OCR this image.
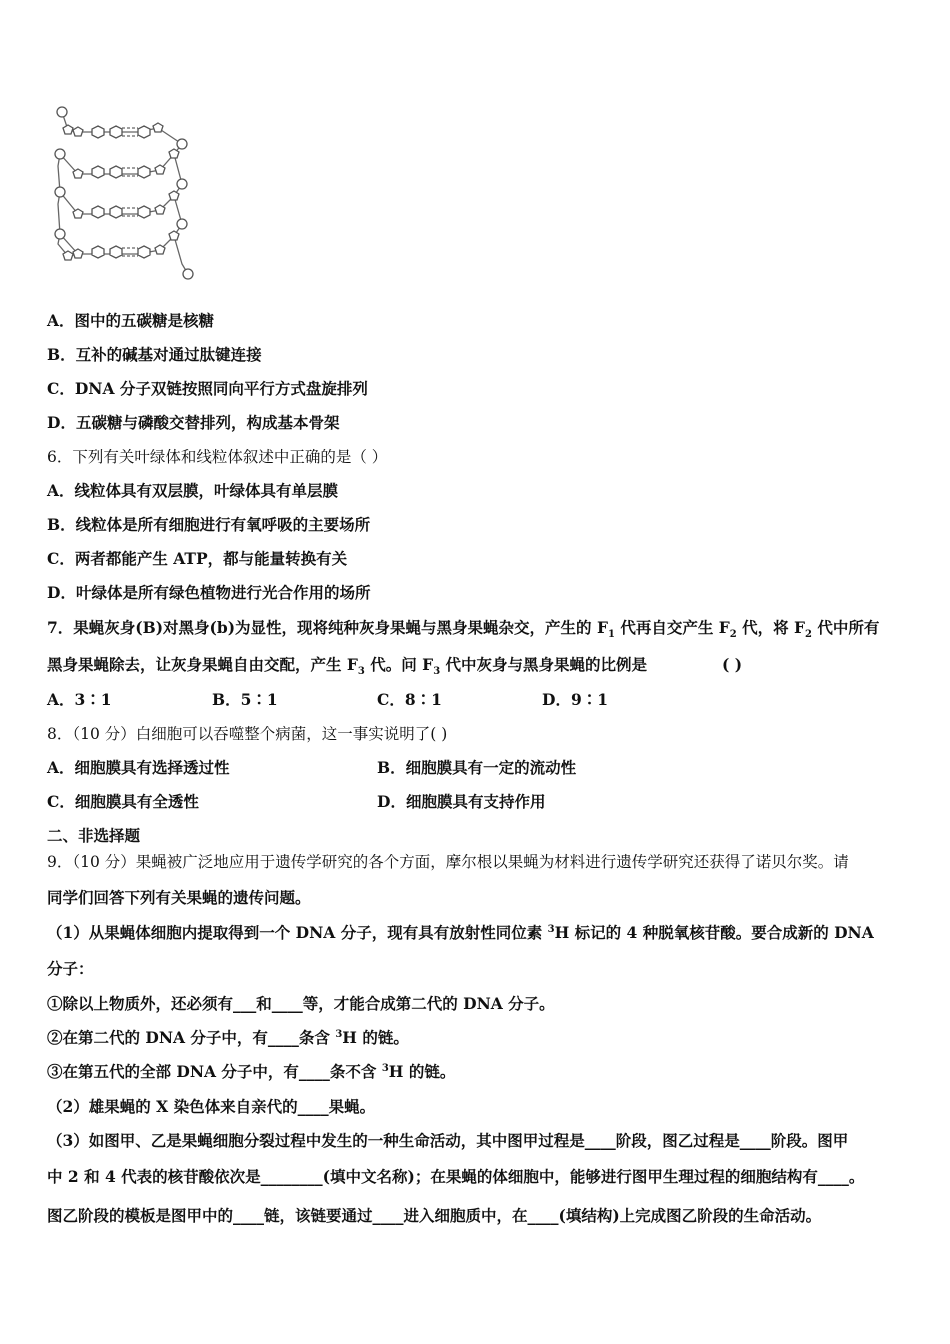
A．图中的五碳糖是核糖
B．互补的碱基对通过肽键连接
C．DNA 分子双链按照同向平行方式盘旋排列
D．五碳糖与磷酸交替排列，构成基本骨架
6．下列有关叶绿体和线粒体叙述中正确的是（ ）
A．线粒体具有双层膜，叶绿体具有单层膜
B．线粒体是所有细胞进行有氧呼吸的主要场所
C．两者都能产生 ATP，都与能量转换有关
D．叶绿体是所有绿色植物进行光合作用的场所
7．果蝇灰身(B)对黑身(b)为显性，现将纯种灰身果蝇与黑身果蝇杂交，产生的 $F_1$ 代再自交产生 $F_2$ 代，将 $F_2$ 代中所有
黑身果蝇除去，让灰身果蝇自由交配，产生 $F_3$ 代。问 $F_3$ 代中灰身与黑身果蝇的比例是	( )
A．3∶1	B．5∶1	C．8∶1	D．9∶1
8．（10 分）白细胞可以吞噬整个病菌，这一事实说明了( )
A．细胞膜具有选择透过性	B．细胞膜具有一定的流动性
C．细胞膜具有全透性	D．细胞膜具有支持作用
二、非选择题
9．（10 分）果蝇被广泛地应用于遗传学研究的各个方面，摩尔根以果蝇为材料进行遗传学研究还获得了诺贝尔奖。请
同学们回答下列有关果蝇的遗传问题。
（1）从果蝇体细胞内提取得到一个 DNA 分子，现有具有放射性同位素 $^3$H 标记的 4 种脱氧核苷酸。要合成新的 DNA
分子：
①除以上物质外，还必须有___和____等，才能合成第二代的 DNA 分子。
②在第二代的 DNA 分子中，有____条含 $^3$H 的链。
③在第五代的全部 DNA 分子中，有____条不含 $^3$H 的链。
（2）雄果蝇的 X 染色体来自亲代的____果蝇。
（3）如图甲、乙是果蝇细胞分裂过程中发生的一种生命活动，其中图甲过程是____阶段，图乙过程是____阶段。图甲
中 2 和 4 代表的核苷酸依次是________(填中文名称)；在果蝇的体细胞中，能够进行图甲生理过程的细胞结构有____。
图乙阶段的模板是图甲中的____链，该链要通过____进入细胞质中，在____(填结构)上完成图乙阶段的生命活动。
